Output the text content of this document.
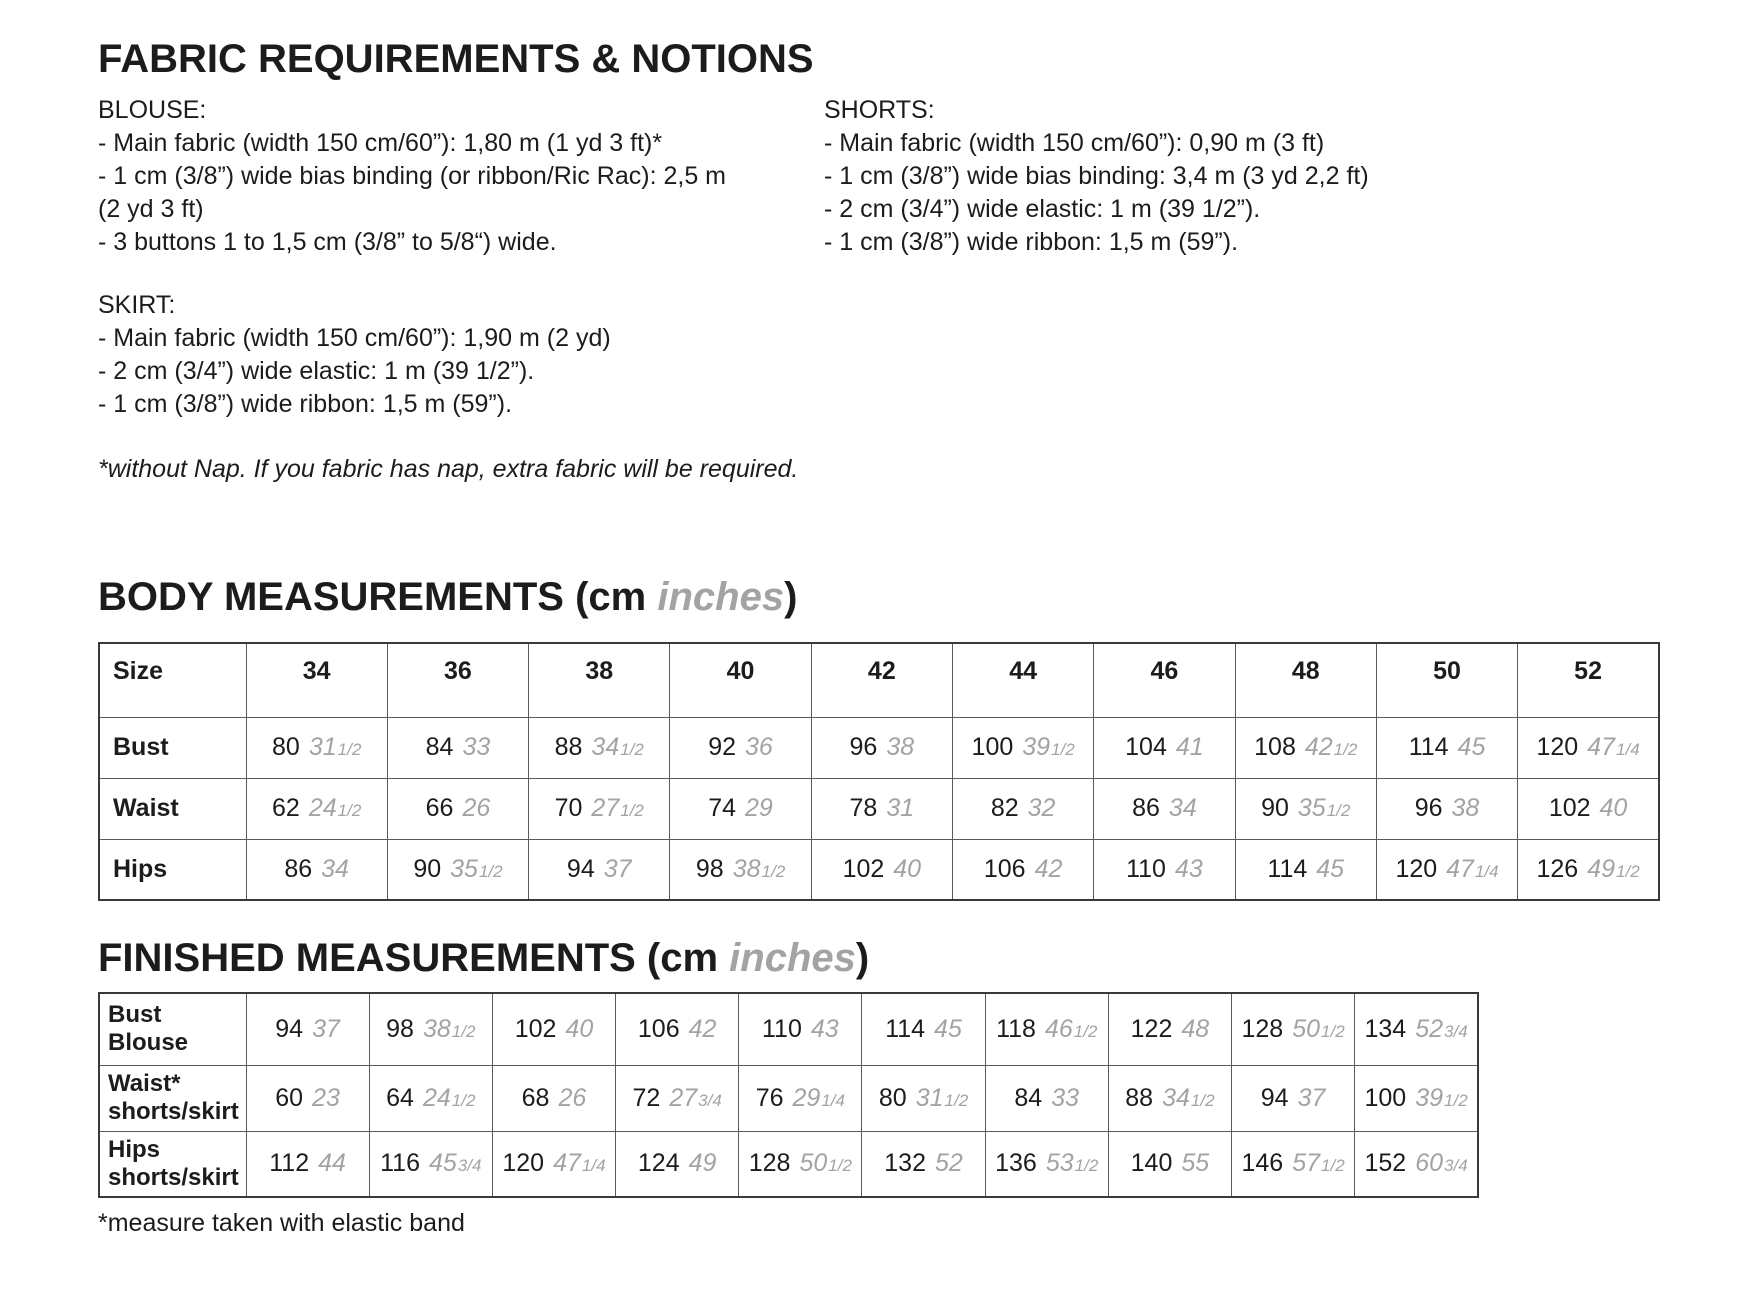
FABRIC REQUIREMENTS & NOTIONS
BLOUSE:
- Main fabric (width 150 cm/60”): 1,80 m (1 yd 3 ft)*
- 1 cm (3/8”) wide bias binding (or ribbon/Ric Rac): 2,5 m
(2 yd 3 ft)
- 3 buttons 1 to 1,5 cm (3/8” to 5/8“) wide.
SKIRT:
- Main fabric (width 150 cm/60”): 1,90 m (2 yd)
- 2 cm (3/4”) wide elastic: 1 m (39 1/2”).
- 1 cm (3/8”) wide ribbon: 1,5 m (59”).
SHORTS:
- Main fabric (width 150 cm/60”): 0,90 m (3 ft)
- 1 cm (3/8”) wide bias binding: 3,4 m (3 yd 2,2 ft)
- 2 cm (3/4”) wide elastic: 1 m (39 1/2”).
- 1 cm (3/8”) wide ribbon: 1,5 m (59”).
*without Nap. If you fabric has nap, extra fabric will be required.
BODY MEASUREMENTS (cm inches)
Size	34	36	38	40	42	44	46	48	50	52
Bust	80 311/2	84 33	88 341/2	92 36	96 38	100 391/2	104 41	108 421/2	114 45	120 471/4
Waist	62 241/2	66 26	70 271/2	74 29	78 31	82 32	86 34	90 351/2	96 38	102 40
Hips	86 34	90 351/2	94 37	98 381/2	102 40	106 42	110 43	114 45	120 471/4	126 491/2
FINISHED MEASUREMENTS (cm inches)
Bust
Blouse	94 37	98 381/2	102 40	106 42	110 43	114 45	118 461/2	122 48	128 501/2	134 523/4
Waist*
shorts/skirt	60 23	64 241/2	68 26	72 273/4	76 291/4	80 311/2	84 33	88 341/2	94 37	100 391/2
Hips
shorts/skirt	112 44	116 453/4	120 471/4	124 49	128 501/2	132 52	136 531/2	140 55	146 571/2	152 603/4
*measure taken with elastic band
